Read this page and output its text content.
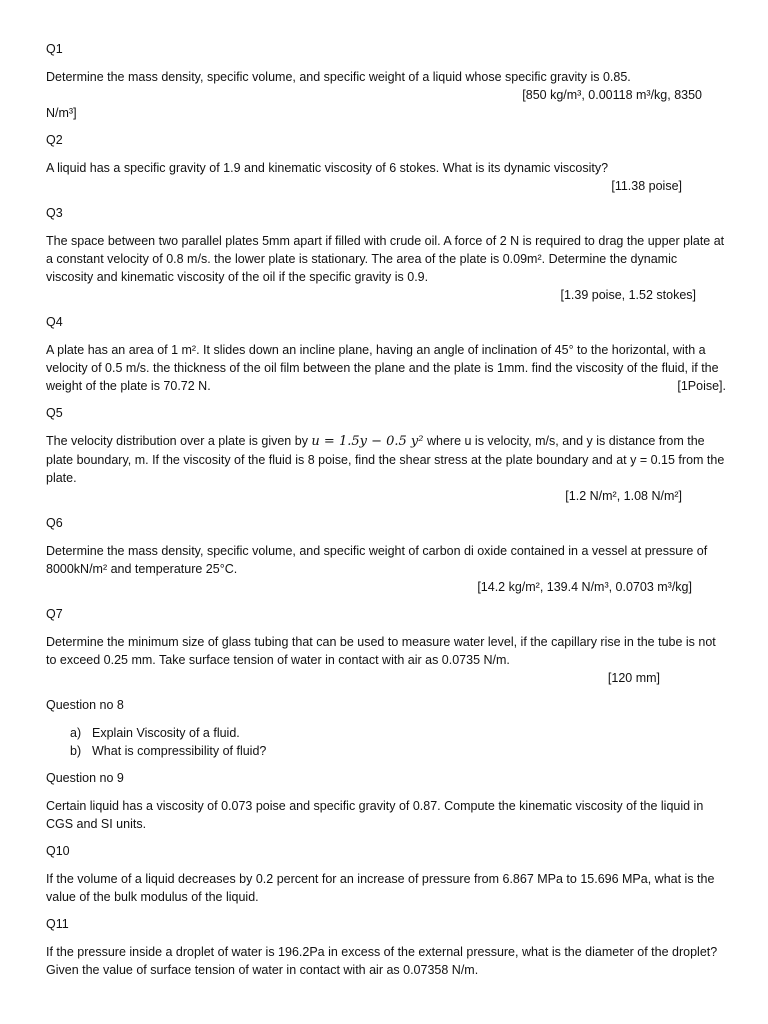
Q1

Determine the mass density, specific volume, and specific weight of a liquid whose specific gravity is 0.85.

[850 kg/m³, 0.00118 m³/kg, 8350

N/m³]

Q2

A liquid has a specific gravity of 1.9 and kinematic viscosity of 6 stokes. What is its dynamic viscosity?

[11.38 poise]

Q3

The space between two parallel plates 5mm apart if filled with crude oil. A force of 2 N is required to drag the upper plate at a constant velocity of 0.8 m/s. the lower plate is stationary. The area of the plate is 0.09m². Determine the dynamic viscosity and kinematic viscosity of the oil if the specific gravity is 0.9.

[1.39 poise, 1.52 stokes]

Q4

A plate has an area of 1 m². It slides down an incline plane, having an angle of inclination of 45° to the horizontal, with a velocity of 0.5 m/s. the thickness of the oil film between the plane and the plate is 1mm. find the viscosity of the fluid, if the weight of the plate is 70.72 N.	[1Poise].

Q5

The velocity distribution over a plate is given by u = 1.5y − 0.5 y² where u is velocity, m/s, and y is distance from the plate boundary, m. If the viscosity of the fluid is 8 poise, find the shear stress at the plate boundary and at y = 0.15 from the plate.

[1.2 N/m², 1.08 N/m²]

Q6

Determine the mass density, specific volume, and specific weight of carbon di oxide contained in a vessel at pressure of 8000kN/m² and temperature 25°C.

[14.2 kg/m², 139.4 N/m³, 0.0703 m³/kg]

Q7

Determine the minimum size of glass tubing that can be used to measure water level, if the capillary rise in the tube is not to exceed 0.25 mm. Take surface tension of water in contact with air as 0.0735 N/m.

[120 mm]

Question no 8

a) Explain Viscosity of a fluid.
b) What is compressibility of fluid?

Question no 9

Certain liquid has a viscosity of 0.073 poise and specific gravity of 0.87. Compute the kinematic viscosity of the liquid in CGS and SI units.

Q10

If the volume of a liquid decreases by 0.2 percent for an increase of pressure from 6.867 MPa to 15.696 MPa, what is the value of the bulk modulus of the liquid.

Q11

If the pressure inside a droplet of water is 196.2Pa in excess of the external pressure, what is the diameter of the droplet? Given the value of surface tension of water in contact with air as 0.07358 N/m.
